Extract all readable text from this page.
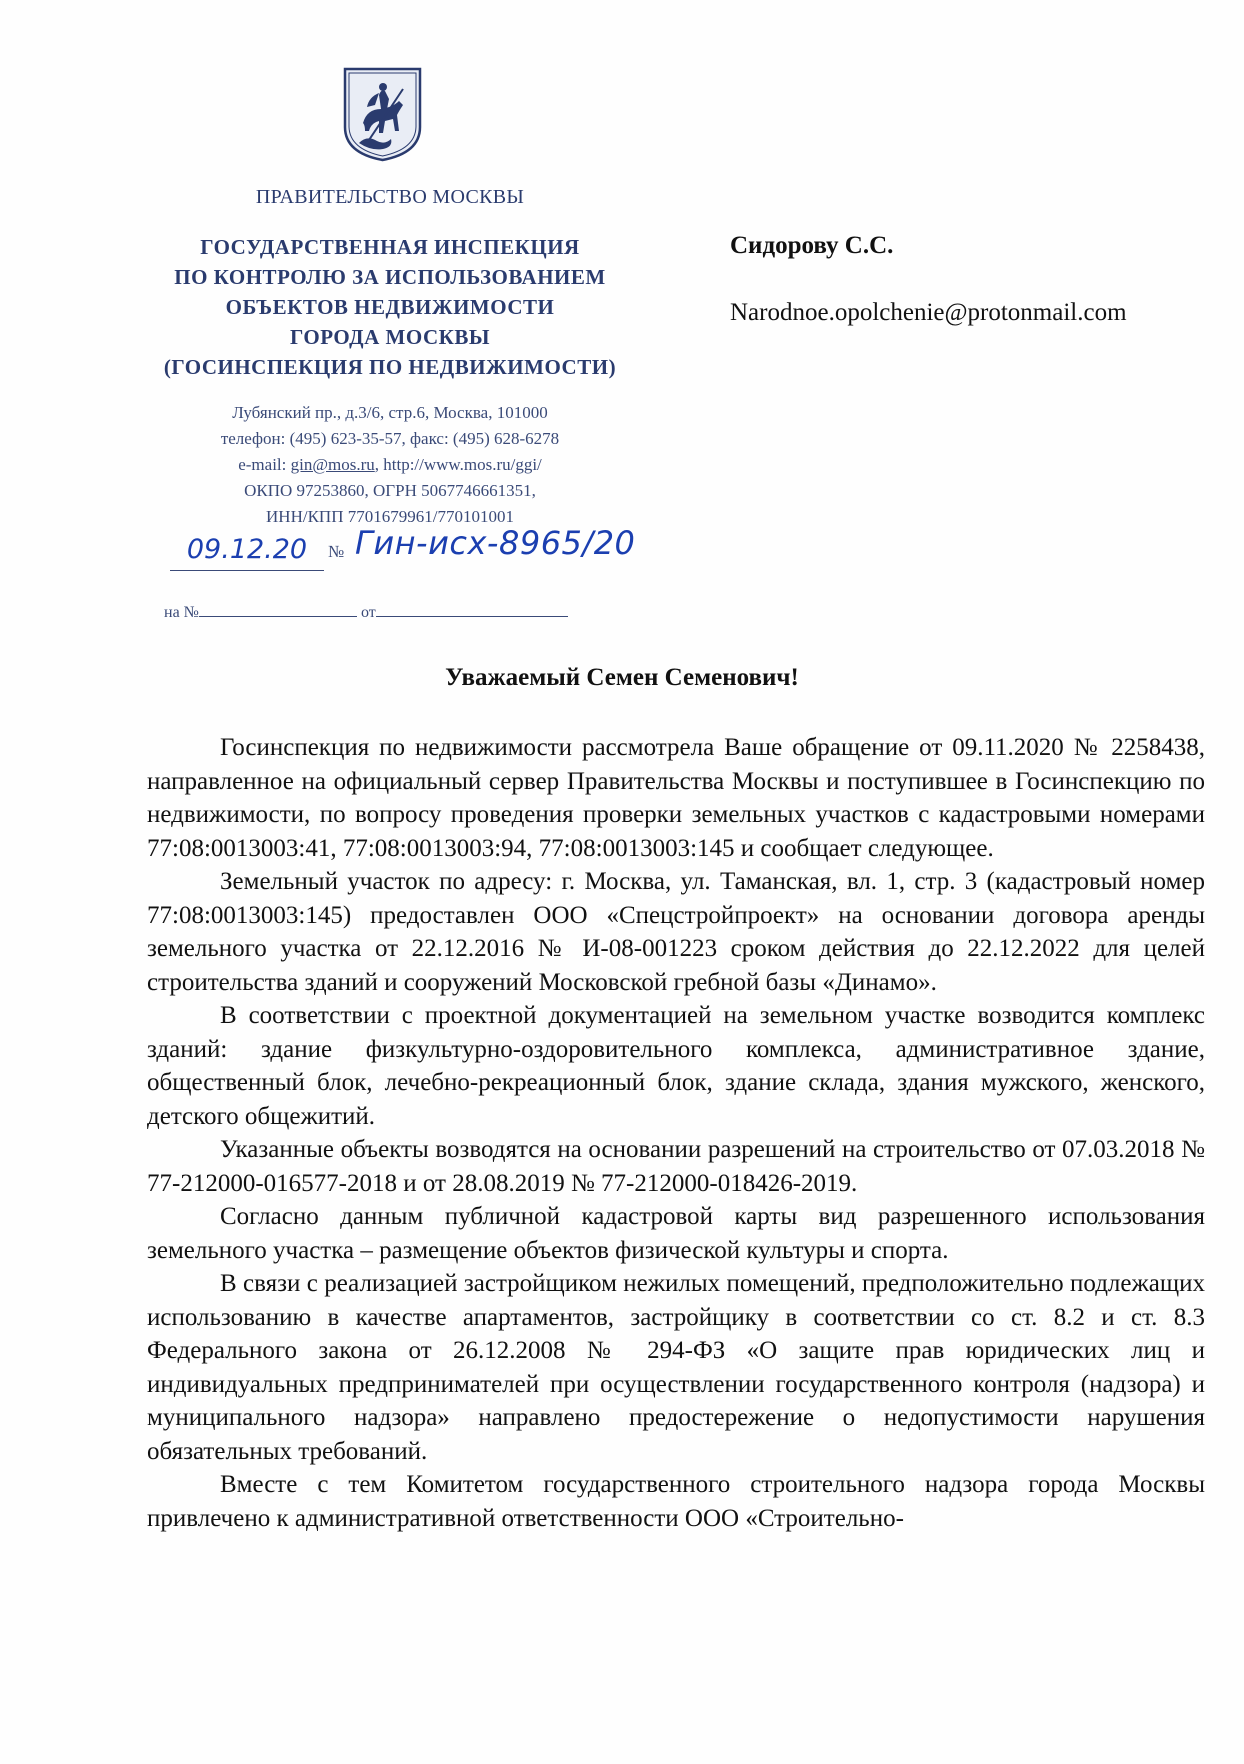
ПРАВИТЕЛЬСТВО МОСКВЫ
ГОСУДАРСТВЕННАЯ ИНСПЕКЦИЯ
ПО КОНТРОЛЮ ЗА ИСПОЛЬЗОВАНИЕМ
ОБЪЕКТОВ НЕДВИЖИМОСТИ
ГОРОДА МОСКВЫ
(ГОСИНСПЕКЦИЯ ПО НЕДВИЖИМОСТИ)
Лубянский пр., д.3/6, стр.6, Москва, 101000
телефон: (495) 623-35-57, факс: (495) 628-6278
e-mail: gin@mos.ru, http://www.mos.ru/ggi/
ОКПО 97253860, ОГРН 5067746661351,
ИНН/КПП 7701679961/770101001
09.12.20	№ Гин-исх-8965/20
на №	от
Сидорову С.С.
Narodnoe.opolchenie@protonmail.com
Уважаемый Семен Семенович!

Госинспекция по недвижимости рассмотрела Ваше обращение от 09.11.2020 № 2258438, направленное на официальный сервер Правительства Москвы и поступившее в Госинспекцию по недвижимости, по вопросу проведения проверки земельных участков с кадастровыми номерами 77:08:0013003:41, 77:08:0013003:94, 77:08:0013003:145 и сообщает следующее.

Земельный участок по адресу: г. Москва, ул. Таманская, вл. 1, стр. 3 (кадастровый номер 77:08:0013003:145) предоставлен ООО «Спецстройпроект» на основании договора аренды земельного участка от 22.12.2016 № И-08-001223 сроком действия до 22.12.2022 для целей строительства зданий и сооружений Московской гребной базы «Динамо».

В соответствии с проектной документацией на земельном участке возводится комплекс зданий: здание физкультурно-оздоровительного комплекса, административное здание, общественный блок, лечебно-рекреационный блок, здание склада, здания мужского, женского, детского общежитий.

Указанные объекты возводятся на основании разрешений на строительство от 07.03.2018 № 77-212000-016577-2018 и от 28.08.2019 № 77-212000-018426-2019.

Согласно данным публичной кадастровой карты вид разрешенного использования земельного участка – размещение объектов физической культуры и спорта.

В связи с реализацией застройщиком нежилых помещений, предположительно подлежащих использованию в качестве апартаментов, застройщику в соответствии со ст. 8.2 и ст. 8.3 Федерального закона от 26.12.2008 № 294-ФЗ «О защите прав юридических лиц и индивидуальных предпринимателей при осуществлении государственного контроля (надзора) и муниципального надзора» направлено предостережение о недопустимости нарушения обязательных требований.

Вместе с тем Комитетом государственного строительного надзора города Москвы привлечено к административной ответственности ООО «Строительно-
